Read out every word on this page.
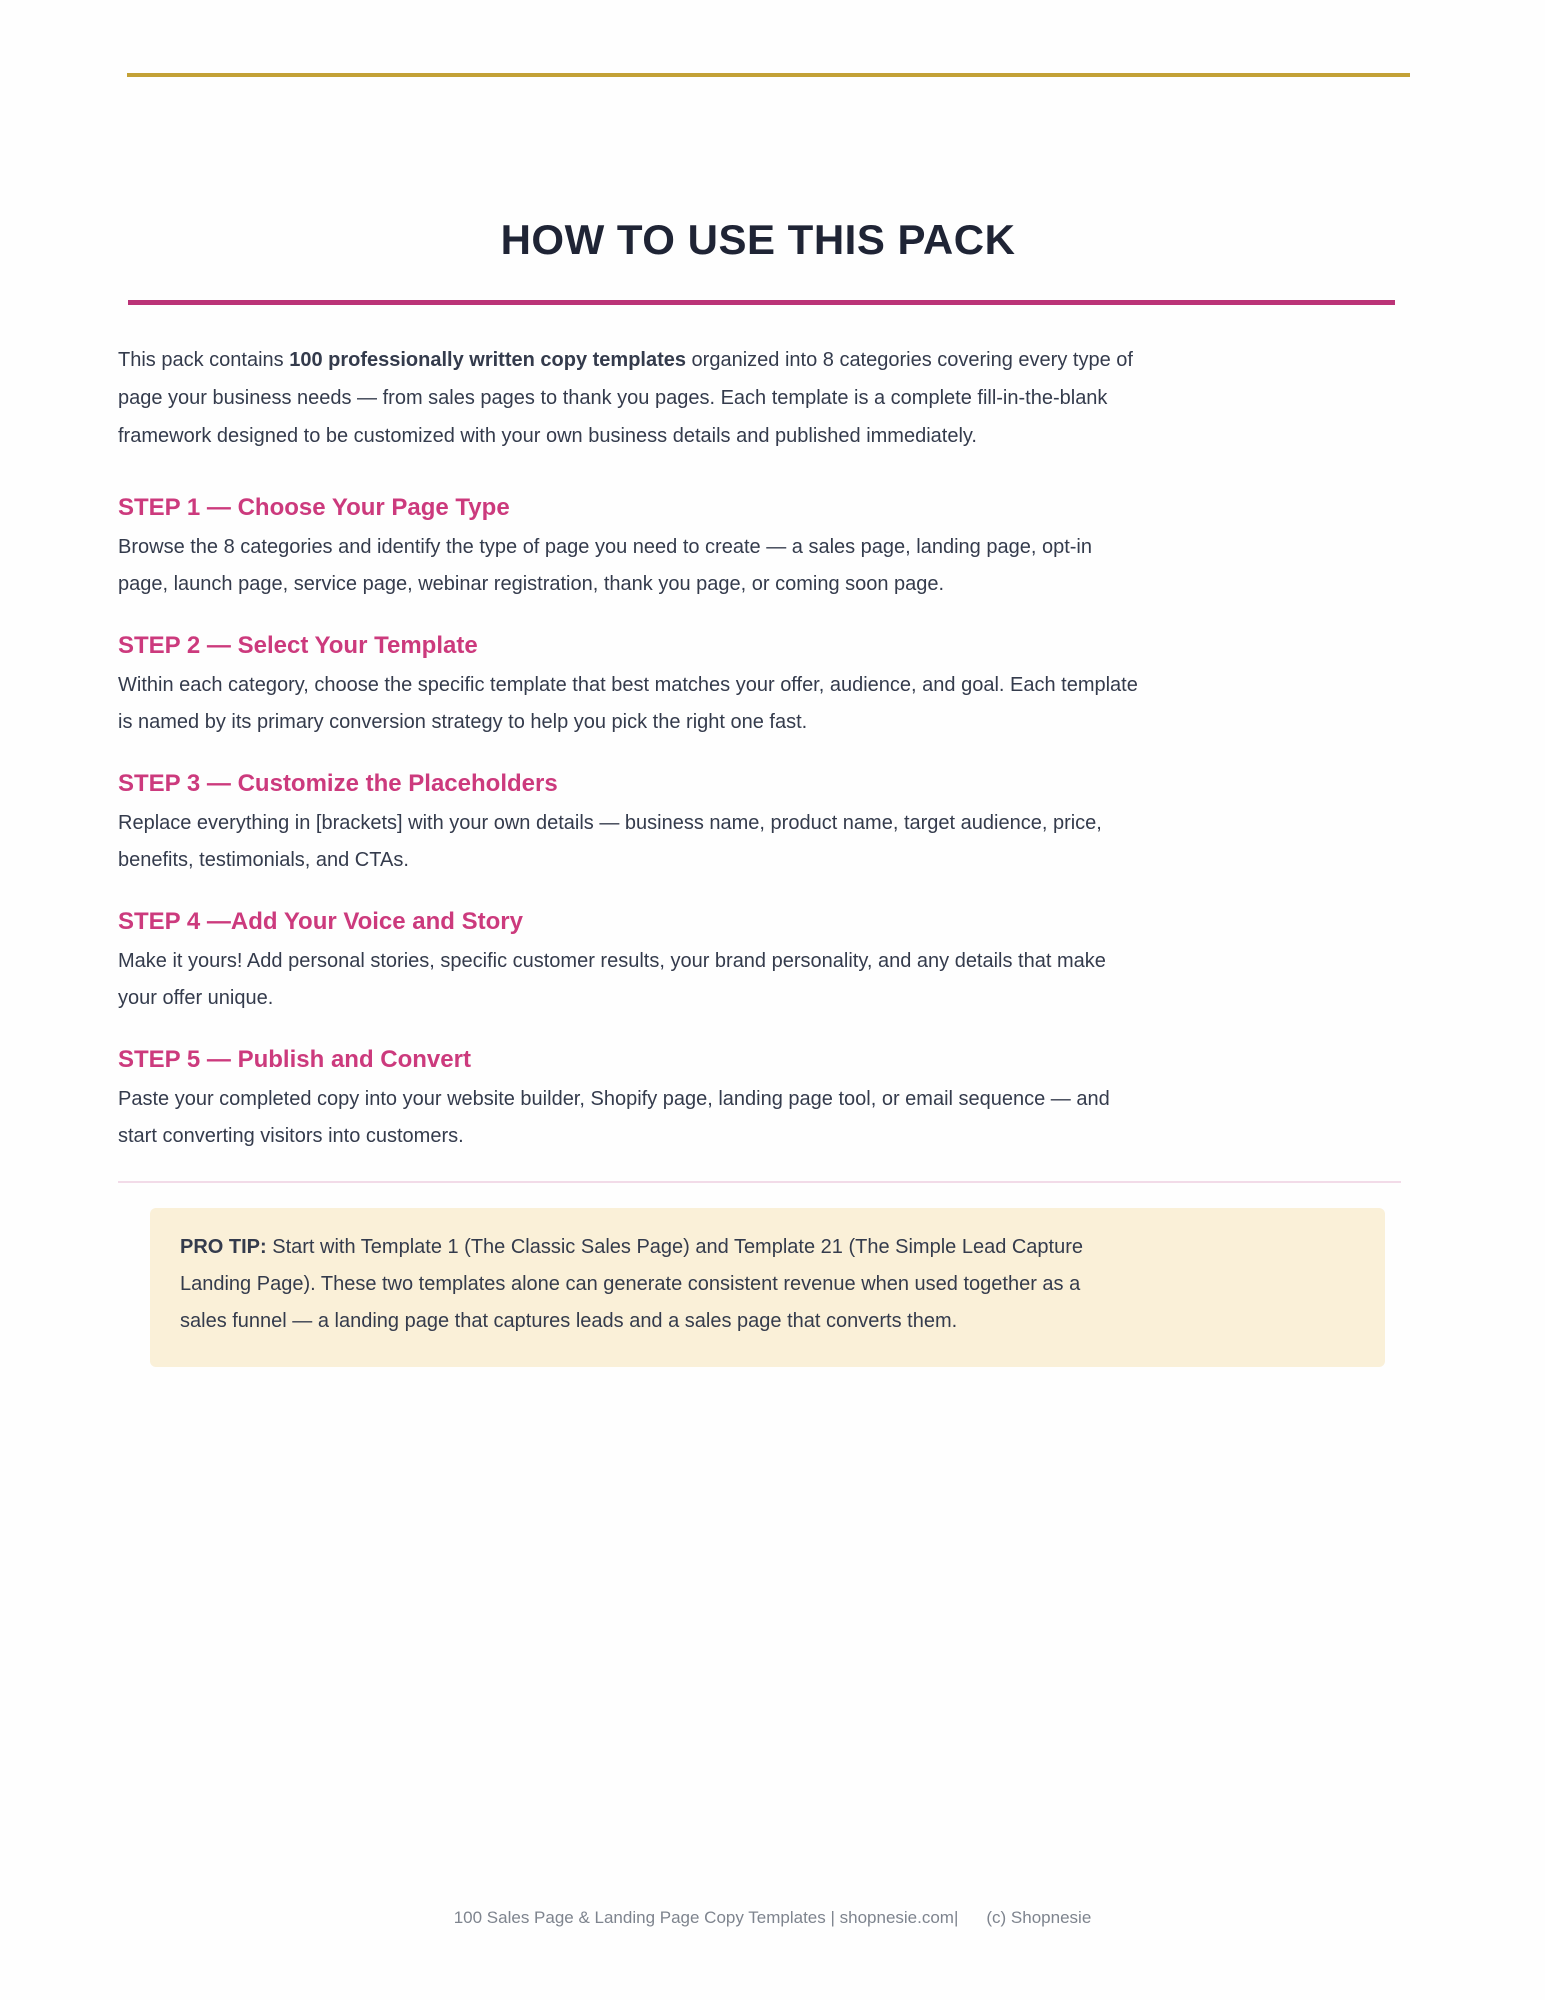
HOW TO USE THIS PACK

This pack contains 100 professionally written copy templates organized into 8 categories covering every type of page your business needs — from sales pages to thank you pages. Each template is a complete fill-in-the-blank framework designed to be customized with your own business details and published immediately.

STEP 1 — Choose Your Page Type

Browse the 8 categories and identify the type of page you need to create — a sales page, landing page, opt-in page, launch page, service page, webinar registration, thank you page, or coming soon page.

STEP 2 — Select Your Template

Within each category, choose the specific template that best matches your offer, audience, and goal. Each template is named by its primary conversion strategy to help you pick the right one fast.

STEP 3 — Customize the Placeholders

Replace everything in [brackets] with your own details — business name, product name, target audience, price, benefits, testimonials, and CTAs.

STEP 4 —Add Your Voice and Story

Make it yours! Add personal stories, specific customer results, your brand personality, and any details that make your offer unique.

STEP 5 — Publish and Convert

Paste your completed copy into your website builder, Shopify page, landing page tool, or email sequence — and start converting visitors into customers.

PRO TIP: Start with Template 1 (The Classic Sales Page) and Template 21 (The Simple Lead Capture Landing Page). These two templates alone can generate consistent revenue when used together as a sales funnel — a landing page that captures leads and a sales page that converts them.

100 Sales Page & Landing Page Copy Templates | shopnesie.com| (c) Shopnesie
